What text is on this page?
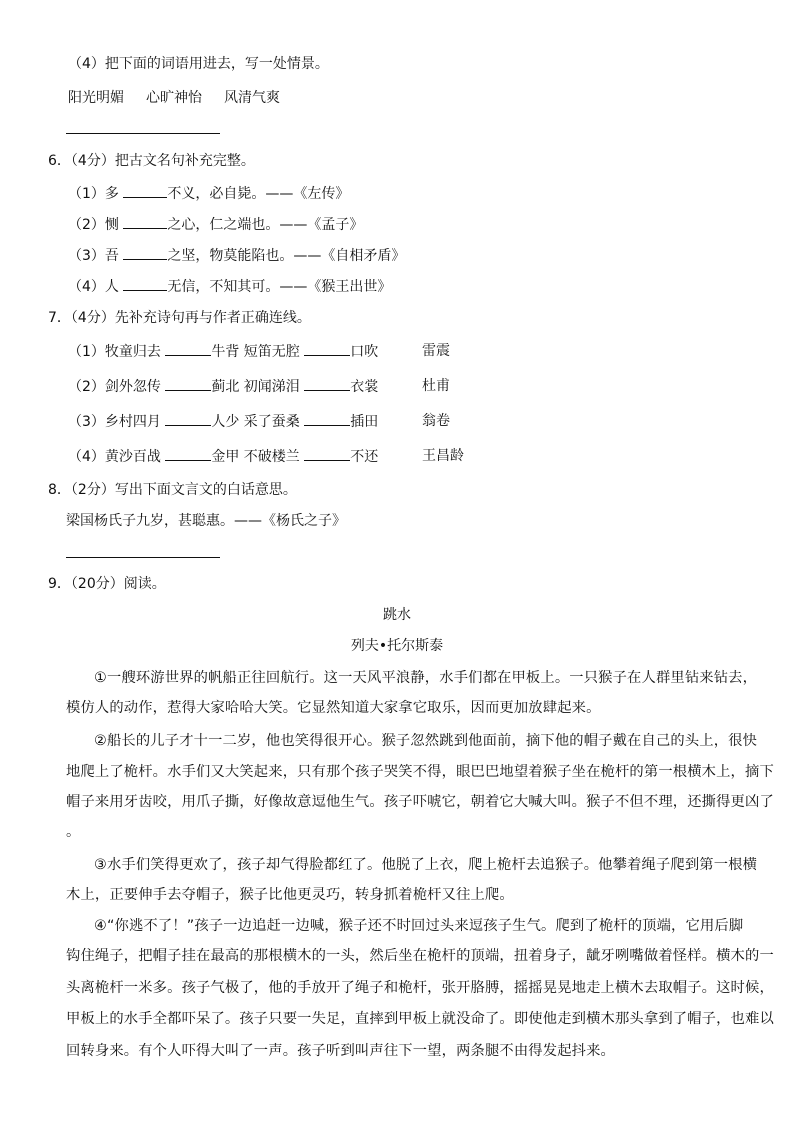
（4）把下面的词语用进去，写一处情景。
阳光明媚 心旷神怡 风清气爽
6．（4分）把古文名句补充完整。
（1）多	不义，必自毙。——《左传》
（2）恻	之心，仁之端也。——《孟子》
（3）吾	之坚，物莫能陷也。——《自相矛盾》
（4）人	无信，不知其可。——《猴王出世》
7．（4分）先补充诗句再与作者正确连线。
（1）牧童归去	牛背 短笛无腔	口吹	雷震
（2）剑外忽传	蓟北 初闻涕泪	衣裳	杜甫
（3）乡村四月	人少 采了蚕桑	插田	翁卷
（4）黄沙百战	金甲 不破楼兰	不还	王昌龄
8．（2分）写出下面文言文的白话意思。
梁国杨氏子九岁，甚聪惠。——《杨氏之子》
9．（20分）阅读。
跳水
列夫•托尔斯泰
①一艘环游世界的帆船正往回航行。这一天风平浪静，水手们都在甲板上。一只猴子在人群里钻来钻去，
模仿人的动作，惹得大家哈哈大笑。它显然知道大家拿它取乐，因而更加放肆起来。
②船长的儿子才十一二岁，他也笑得很开心。猴子忽然跳到他面前，摘下他的帽子戴在自己的头上，很快
地爬上了桅杆。水手们又大笑起来，只有那个孩子哭笑不得，眼巴巴地望着猴子坐在桅杆的第一根横木上，摘下
帽子来用牙齿咬，用爪子撕，好像故意逗他生气。孩子吓唬它，朝着它大喊大叫。猴子不但不理，还撕得更凶了
。
③水手们笑得更欢了，孩子却气得脸都红了。他脱了上衣，爬上桅杆去追猴子。他攀着绳子爬到第一根横
木上，正要伸手去夺帽子，猴子比他更灵巧，转身抓着桅杆又往上爬。
④“你逃不了！”孩子一边追赶一边喊，猴子还不时回过头来逗孩子生气。爬到了桅杆的顶端，它用后脚
钩住绳子，把帽子挂在最高的那根横木的一头，然后坐在桅杆的顶端，扭着身子，龇牙咧嘴做着怪样。横木的一
头离桅杆一米多。孩子气极了，他的手放开了绳子和桅杆，张开胳膊，摇摇晃晃地走上横木去取帽子。这时候，
甲板上的水手全都吓呆了。孩子只要一失足，直摔到甲板上就没命了。即使他走到横木那头拿到了帽子，也难以
回转身来。有个人吓得大叫了一声。孩子听到叫声往下一望，两条腿不由得发起抖来。
